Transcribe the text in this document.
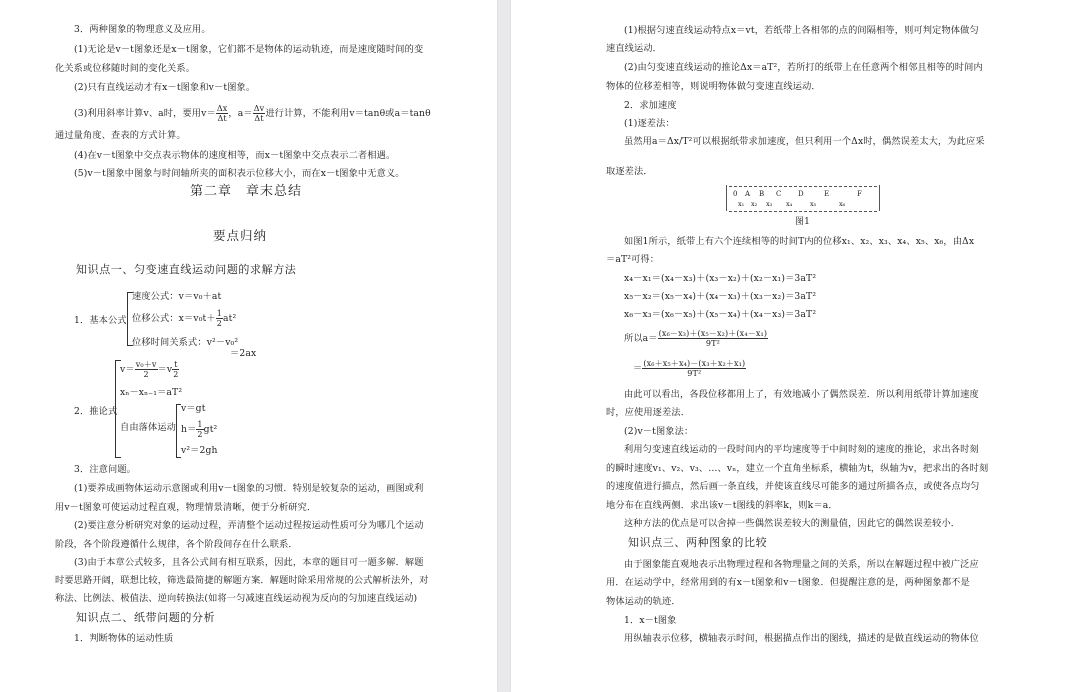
3．两种图象的物理意义及应用。
(1)无论是v－t图象还是x－t图象，它们都不是物体的运动轨迹，而是速度随时间的变
化关系或位移随时间的变化关系。
(2)只有直线运动才有x－t图象和v－t图象。
(3)利用斜率计算v、a时，要用$v= \frac{\Delta x}{\Delta t}$ ，$a= \frac{\Delta v}{\Delta t}$ 进行计算，不能利用v＝tanθ或a＝tanθ
通过量角度、查表的方式计算。
(4)在v－t图象中交点表示物体的速度相等，而x－t图象中交点表示二者相遇。
(5)v－t图象中图象与时间轴所夹的面积表示位移大小，而在x－t图象中无意义。
第二章　章末总结
要点归纳
知识点一、匀变速直线运动问题的求解方法
1．基本公式
速度公式：v＝v₀＋at
位移公式：$x=v_0t+ \frac{1}{2} at^2$
位移时间关系式：v²－v₀²
＝2ax
$v= \frac{\text{v₀＋v}}{2} =v \frac{t}{2}$
xₙ－xₙ₋₁＝aT²
2．推论式
自由落体运动
v＝gt
$h= \frac{1}{2} gt^2$
v²＝2gh
3．注意问题。
(1)要养成画物体运动示意图或利用v－t图象的习惯．特别是较复杂的运动，画图或利
用v－t图象可使运动过程直观，物理情景清晰，便于分析研究．
(2)要注意分析研究对象的运动过程，弄清整个运动过程按运动性质可分为哪几个运动
阶段，各个阶段遵循什么规律，各个阶段间存在什么联系．
(3)由于本章公式较多，且各公式间有相互联系，因此，本章的题目可一题多解．解题
时要思路开阔，联想比较，筛选最简捷的解题方案．解题时除采用常规的公式解析法外，对
称法、比例法、极值法、逆向转换法(如将一匀减速直线运动视为反向的匀加速直线运动)
知识点二、纸带问题的分析
1．判断物体的运动性质
(1)根据匀速直线运动特点x＝vt，若纸带上各相邻的点的间隔相等，则可判定物体做匀
速直线运动．
(2)由匀变速直线运动的推论Δx＝aT²，若所打的纸带上在任意两个相邻且相等的时间内
物体的位移差相等，则说明物体做匀变速直线运动．
2．求加速度
(1)逐差法：
虽然用a＝Δx/T²可以根据纸带求加速度，但只利用一个Δx时，偶然误差太大，为此应采
取逐差法．
0 A B C D	E	F
x₁ x₂ x₃ x₄	x₅	x₆
图1
如图1所示，纸带上有六个连续相等的时间T内的位移x₁、x₂、x₃、x₄、x₅、x₆，由Δx
＝aT²可得：
x₄－x₁＝(x₄－x₃)＋(x₃－x₂)＋(x₂－x₁)＝3aT²
x₅－x₂＝(x₅－x₄)＋(x₄－x₃)＋(x₃－x₂)＝3aT²
x₆－x₃＝(x₆－x₅)＋(x₅－x₄)＋(x₄－x₃)＝3aT²
所以$a= \frac{\text{(x₆－x₃)＋(x₅－x₂)＋(x₄－x₁)}}{\text{9T²}}$
＝ $\frac{\text{(x₆＋x₅＋x₄)－(x₃＋x₂＋x₁)}}{\text{9T²}}$
由此可以看出，各段位移都用上了，有效地减小了偶然误差．所以利用纸带计算加速度
时，应使用逐差法．
(2)v－t图象法：
利用匀变速直线运动的一段时间内的平均速度等于中间时刻的速度的推论，求出各时刻
的瞬时速度v₁、v₂、v₃、…、vₙ，建立一个直角坐标系，横轴为t，纵轴为v，把求出的各时刻
的速度值进行描点，然后画一条直线，并使该直线尽可能多的通过所描各点，或使各点均匀
地分布在直线两侧．求出该v－t图线的斜率k，则k＝a．
这种方法的优点是可以舍掉一些偶然误差较大的测量值，因此它的偶然误差较小．
知识点三、两种图象的比较
由于图象能直观地表示出物理过程和各物理量之间的关系，所以在解题过程中被广泛应
用．在运动学中，经常用到的有x－t图象和v－t图象．但提醒注意的是，两种图象都不是
物体运动的轨迹．
1．x－t图象
用纵轴表示位移，横轴表示时间，根据描点作出的图线，描述的是做直线运动的物体位
